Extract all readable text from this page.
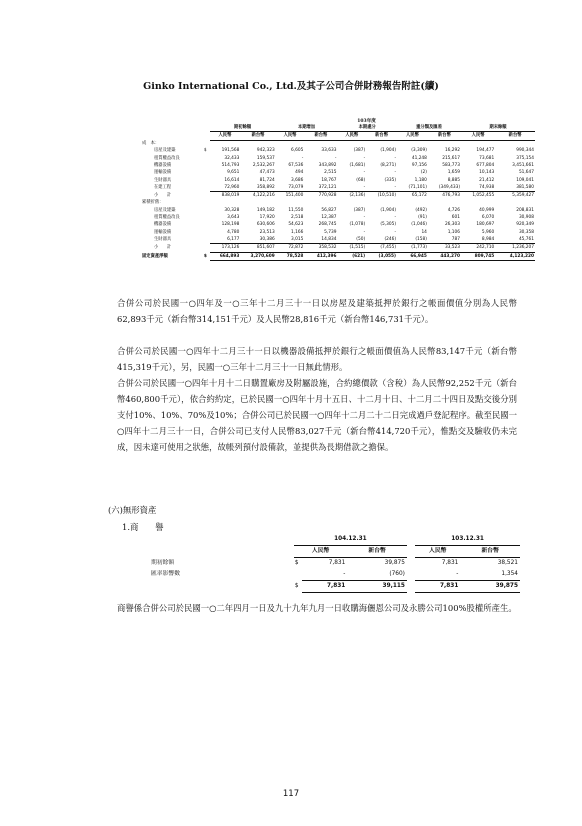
Ginko International Co., Ltd.及其子公司合併財務報告附註(續)
103年度
		期初餘額		本期增加		本期處分		重分類及匯差		期末餘額	
		人民幣	新台幣	人民幣	新台幣	人民幣	新台幣	人民幣	新台幣	人民幣	新台幣
成　本：											
房屋及建築	$	191,568	942,323	6,605	33,633	(387)	(1,904)	(3,309)	16,292	194,477	990,344
租賃權益改良		32,433	159,537	-	-	-	-	41,248	215,617	73,681	375,154
機器設備		514,793	2,532,267	67,536	343,892	(1,681)	(8,271)	97,156	583,773	677,804	3,451,661
運輸設備		9,651	47,473	494	2,515	-	-	(2)	1,659	10,143	51,647
生財器具		16,614	81,724	3,686	18,767	(68)	(335)	1,180	8,885	21,412	109,041
在建工程		72,960	358,892	73,079	372,121	-	-	(71,101)	(349,433)	74,938	381,580
小　　計		838,019	4,122,216	151,400	770,928	(2,136)	(10,510)	65,172	476,793	1,052,455	5,359,427
累積折舊：											
房屋及建築		30,328	149,182	11,550	56,827	(387)	(1,904)	(492)	4,726	40,999	208,831
租賃權益改良		3,643	17,920	2,518	12,387	-	-	(91)	601	6,070	30,908
機器設備		128,198	630,606	54,623	268,745	(1,078)	(5,305)	(1,046)	26,303	180,697	920,349
運輸設備		4,780	23,513	1,166	5,739	-	-	14	1,106	5,960	30,358
生財器具		6,177	30,386	3,015	14,834	(50)	(246)	(158)	787	8,984	45,761
小　　計		173,126	851,607	72,872	358,532	(1,515)	(7,455)	(1,773)	33,523	242,710	1,236,207
固定資產淨額	$	664,893	3,270,609	78,528	412,396	(621)	(3,055)	66,945	443,270	809,745	4,123,220
合併公司於民國一○四年及一○三年十二月三十一日以房屋及建築抵押於銀行之帳面價值分別為人民幣62,893千元（新台幣314,151千元）及人民幣28,816千元（新台幣146,731千元）。
合併公司於民國一○四年十二月三十一日以機器設備抵押於銀行之帳面價值為人民幣83,147千元（新台幣415,319千元），另，民國一○三年十二月三十一日無此情形。
合併公司於民國一○四年十月十二日購置廠房及附屬設施，合約總價款（含稅）為人民幣92,252千元（新台幣460,800千元），依合約約定，已於民國一○四年十月十五日、十二月十日、十二月二十四日及點交後分別支付10%、10%、70%及10%；合併公司已於民國一○四年十二月二十二日完成過戶登記程序。截至民國一○四年十二月三十一日，合併公司已支付人民幣83,027千元（新台幣414,720千元），惟點交及驗收仍未完成，因未達可使用之狀態，故帳列預付設備款，並提供為長期借款之擔保。
(六)無形資產
1.商　　譽
	104.12.31				103.12.31	
	人民幣		新台幣		人民幣	新台幣
期初餘額	$	7,831	39,875		7,831	38,521
匯率影響數		-	(760)		-	1,354
	$	7,831	39,115		7,831	39,875
商譽係合併公司於民國一○二年四月一日及九十九年九月一日收購海儷恩公司及永勝公司100%股權所產生。
117
